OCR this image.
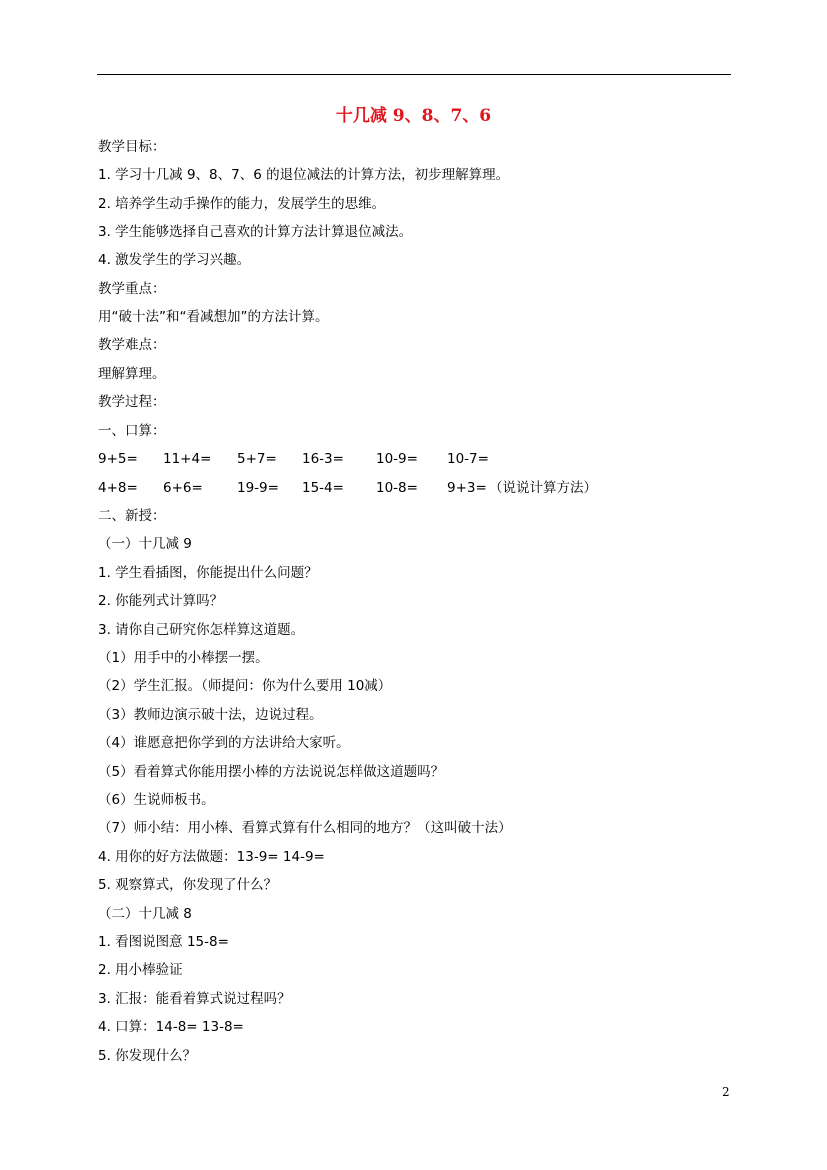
十几减 9、8、7、6
教学目标：
1. 学习十几减 9、8、7、6 的退位减法的计算方法，初步理解算理。
2. 培养学生动手操作的能力，发展学生的思维。
3. 学生能够选择自己喜欢的计算方法计算退位减法。
4. 激发学生的学习兴趣。
教学重点：
用“破十法”和“看减想加”的方法计算。
教学难点：
理解算理。
教学过程：
一、口算：
9+5= 11+4= 5+7= 16-3= 10-9= 10-7=
4+8= 6+6=	19-9= 15-4= 10-8= 9+3= （说说计算方法）
二、新授：
（一）十几减 9
1. 学生看插图，你能提出什么问题？
2. 你能列式计算吗？
3. 请你自己研究你怎样算这道题。
（1）用手中的小棒摆一摆。
（2）学生汇报。（师提问：你为什么要用 10减）
（3）教师边演示破十法，边说过程。
（4）谁愿意把你学到的方法讲给大家听。
（5）看着算式你能用摆小棒的方法说说怎样做这道题吗？
（6）生说师板书。
（7）师小结：用小棒、看算式算有什么相同的地方？（这叫破十法）
4. 用你的好方法做题：13-9= 14-9=
5. 观察算式，你发现了什么？
（二）十几减 8
1. 看图说图意 15-8=
2. 用小棒验证
3. 汇报：能看着算式说过程吗？
4. 口算：14-8= 13-8=
5. 你发现什么？
2
